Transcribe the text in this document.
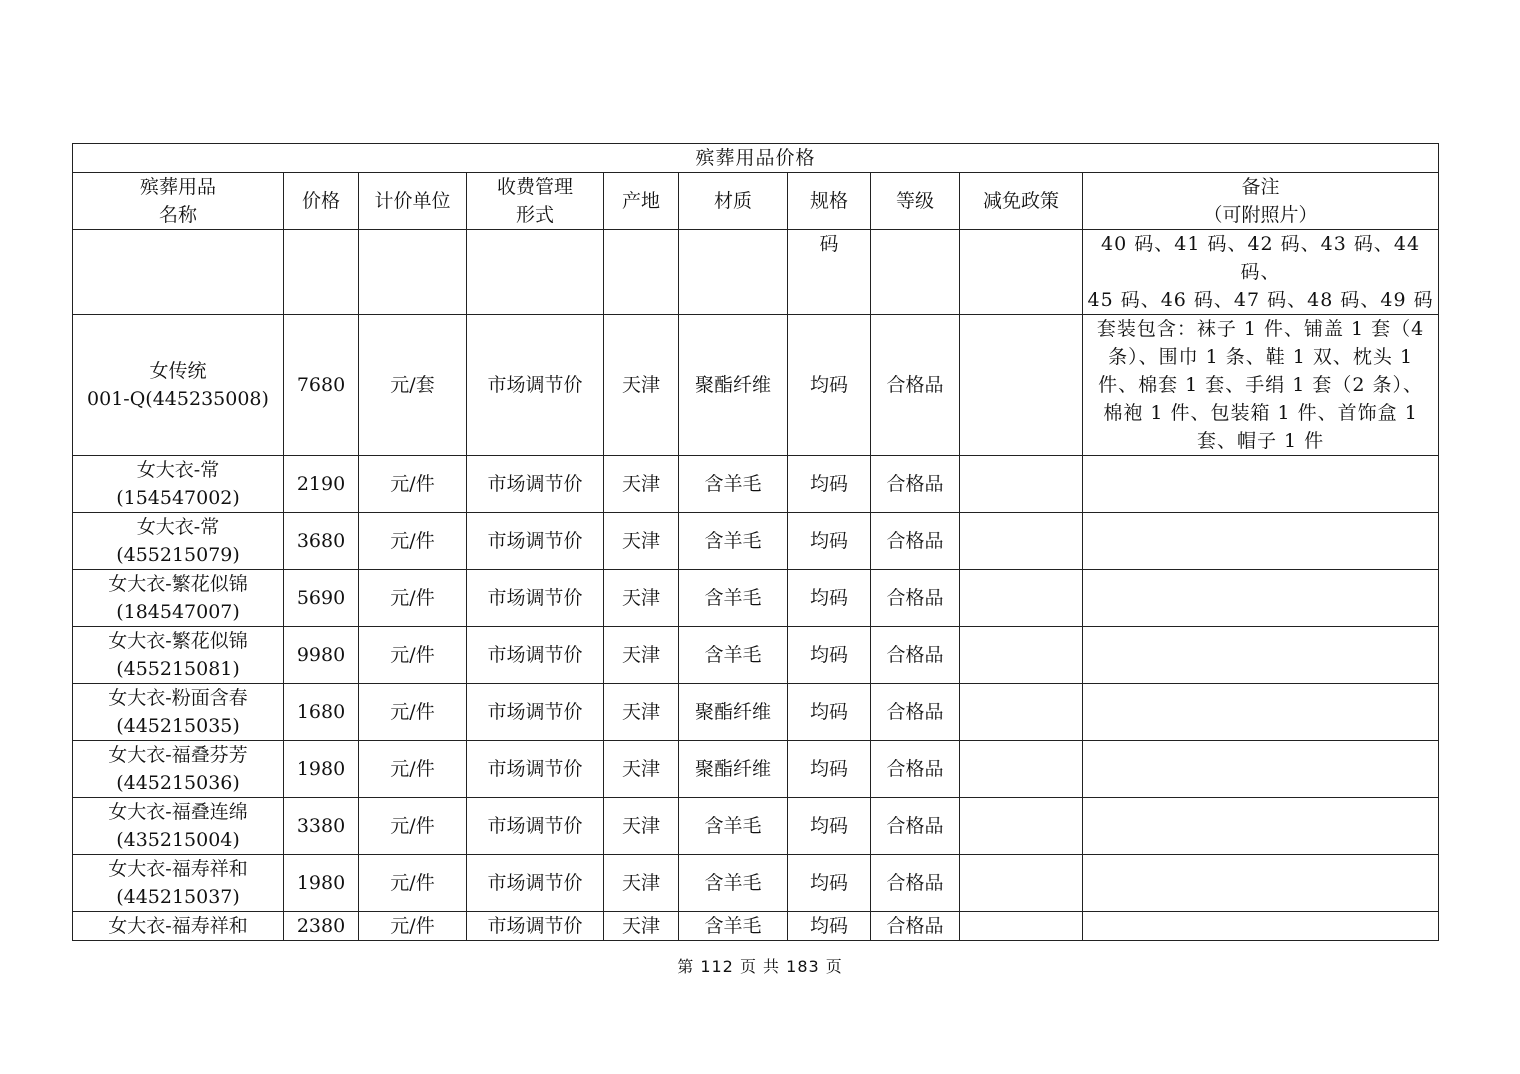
殡葬用品价格									

殡葬用品
名称	价格	计价单位	收费管理
形式	产地	材质	规格	等级	减免政策	备注
（可附照片）

						码			40 码、41 码、42 码、43 码、44 码、
45 码、46 码、47 码、48 码、49 码

女传统
001-Q(445235008)	7680	元/套	市场调节价	天津	聚酯纤维	均码	合格品		套装包含：袜子 1 件、铺盖 1 套（4
条）、围巾 1 条、鞋 1 双、枕头 1
件、棉套 1 套、手绢 1 套（2 条）、
棉袍 1 件、包装箱 1 件、首饰盒 1
套、帽子 1 件

女大衣-常
(154547002)	2190	元/件	市场调节价	天津	含羊毛	均码	合格品		

女大衣-常
(455215079)	3680	元/件	市场调节价	天津	含羊毛	均码	合格品		

女大衣-繁花似锦
(184547007)	5690	元/件	市场调节价	天津	含羊毛	均码	合格品		

女大衣-繁花似锦
(455215081)	9980	元/件	市场调节价	天津	含羊毛	均码	合格品		

女大衣-粉面含春
(445215035)	1680	元/件	市场调节价	天津	聚酯纤维	均码	合格品		

女大衣-福叠芬芳
(445215036)	1980	元/件	市场调节价	天津	聚酯纤维	均码	合格品		

女大衣-福叠连绵
(435215004)	3380	元/件	市场调节价	天津	含羊毛	均码	合格品		

女大衣-福寿祥和
(445215037)	1980	元/件	市场调节价	天津	含羊毛	均码	合格品		
女大衣-福寿祥和	2380	元/件	市场调节价	天津	含羊毛	均码	合格品		
第 112 页 共 183 页
